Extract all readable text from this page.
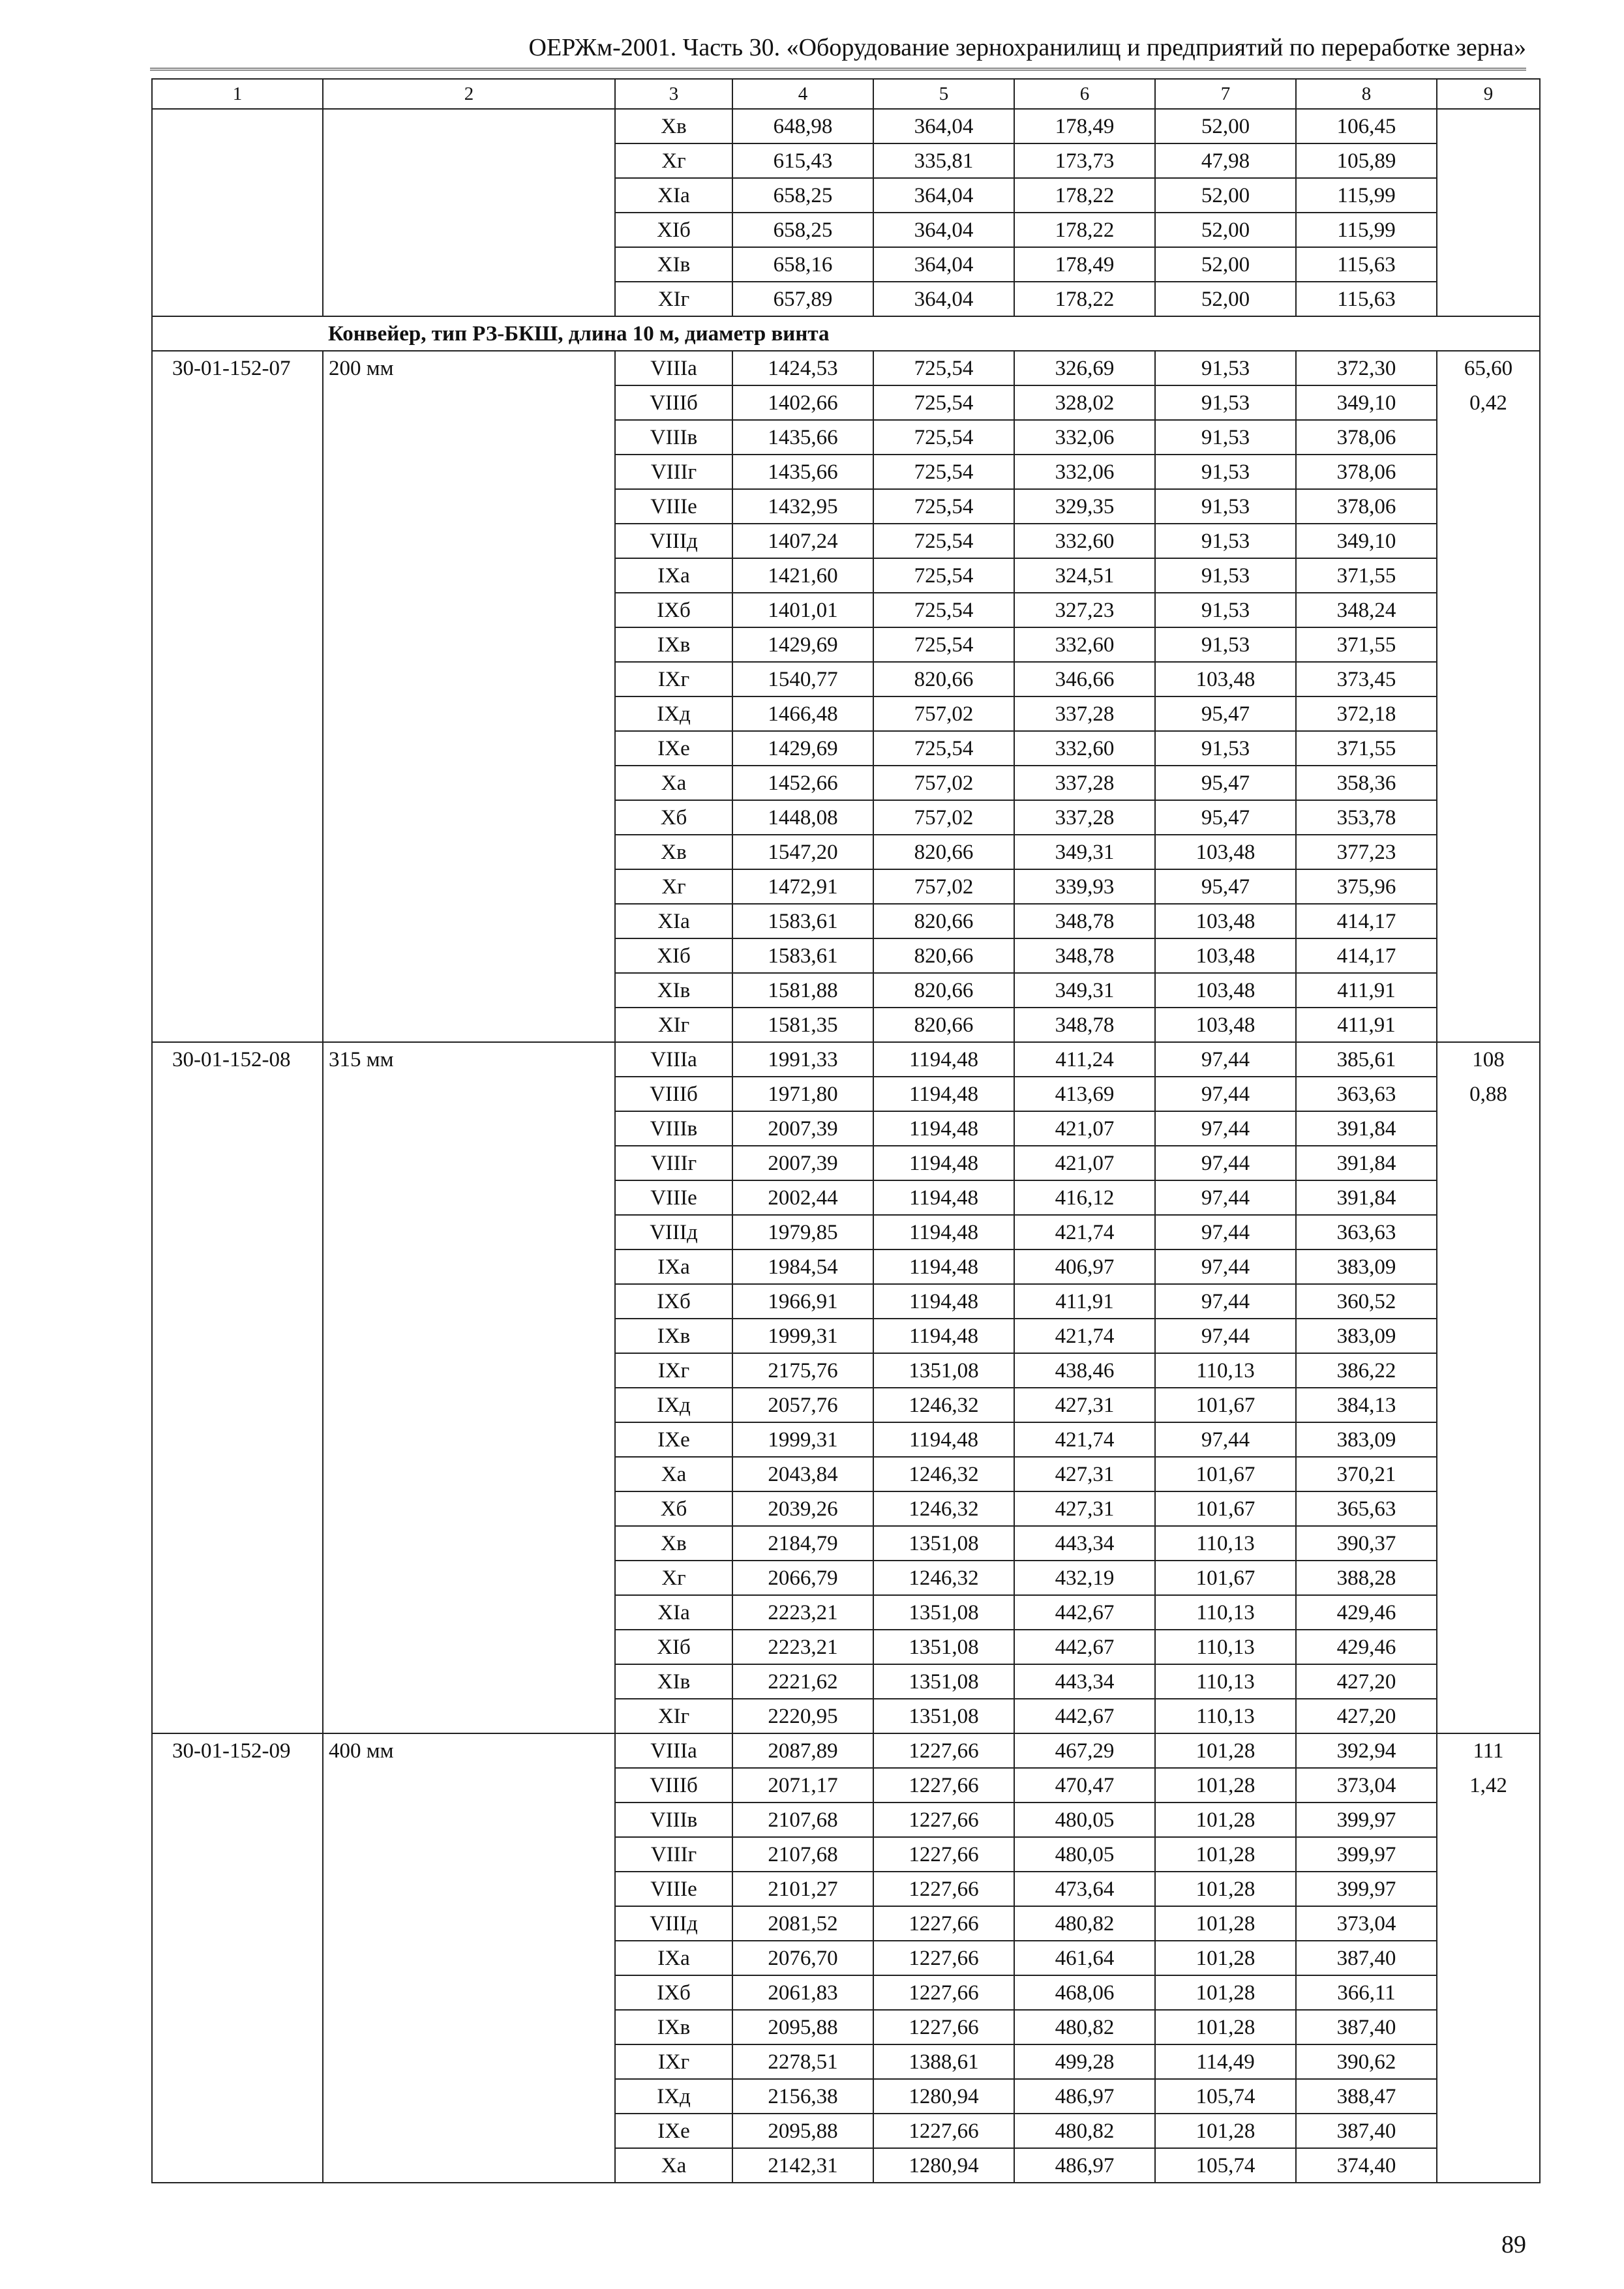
ОЕРЖм-2001. Часть 30. «Оборудование зернохранилищ и предприятий по переработке зерна»
1	2	3	4	5	6	7	8	9
		Хв	648,98	364,04	178,49	52,00	106,45	
		Хг	615,43	335,81	173,73	47,98	105,89	
		ХIа	658,25	364,04	178,22	52,00	115,99	
		ХIб	658,25	364,04	178,22	52,00	115,99	
		ХIв	658,16	364,04	178,49	52,00	115,63	
		ХIг	657,89	364,04	178,22	52,00	115,63	
	Конвейер, тип РЗ-БКШ, длина 10 м, диаметр винта							
30-01-152-07	200 мм	VIIIа	1424,53	725,54	326,69	91,53	372,30	65,60
		VIIIб	1402,66	725,54	328,02	91,53	349,10	0,42
		VIIIв	1435,66	725,54	332,06	91,53	378,06	
		VIIIг	1435,66	725,54	332,06	91,53	378,06	
		VIIIе	1432,95	725,54	329,35	91,53	378,06	
		VIIIд	1407,24	725,54	332,60	91,53	349,10	
		IXа	1421,60	725,54	324,51	91,53	371,55	
		IXб	1401,01	725,54	327,23	91,53	348,24	
		IXв	1429,69	725,54	332,60	91,53	371,55	
		IXг	1540,77	820,66	346,66	103,48	373,45	
		IXд	1466,48	757,02	337,28	95,47	372,18	
		IXе	1429,69	725,54	332,60	91,53	371,55	
		Ха	1452,66	757,02	337,28	95,47	358,36	
		Хб	1448,08	757,02	337,28	95,47	353,78	
		Хв	1547,20	820,66	349,31	103,48	377,23	
		Хг	1472,91	757,02	339,93	95,47	375,96	
		ХIа	1583,61	820,66	348,78	103,48	414,17	
		ХIб	1583,61	820,66	348,78	103,48	414,17	
		ХIв	1581,88	820,66	349,31	103,48	411,91	
		ХIг	1581,35	820,66	348,78	103,48	411,91	
30-01-152-08	315 мм	VIIIа	1991,33	1194,48	411,24	97,44	385,61	108
		VIIIб	1971,80	1194,48	413,69	97,44	363,63	0,88
		VIIIв	2007,39	1194,48	421,07	97,44	391,84	
		VIIIг	2007,39	1194,48	421,07	97,44	391,84	
		VIIIе	2002,44	1194,48	416,12	97,44	391,84	
		VIIIд	1979,85	1194,48	421,74	97,44	363,63	
		IXа	1984,54	1194,48	406,97	97,44	383,09	
		IXб	1966,91	1194,48	411,91	97,44	360,52	
		IXв	1999,31	1194,48	421,74	97,44	383,09	
		IXг	2175,76	1351,08	438,46	110,13	386,22	
		IXд	2057,76	1246,32	427,31	101,67	384,13	
		IXе	1999,31	1194,48	421,74	97,44	383,09	
		Ха	2043,84	1246,32	427,31	101,67	370,21	
		Хб	2039,26	1246,32	427,31	101,67	365,63	
		Хв	2184,79	1351,08	443,34	110,13	390,37	
		Хг	2066,79	1246,32	432,19	101,67	388,28	
		ХIа	2223,21	1351,08	442,67	110,13	429,46	
		ХIб	2223,21	1351,08	442,67	110,13	429,46	
		ХIв	2221,62	1351,08	443,34	110,13	427,20	
		ХIг	2220,95	1351,08	442,67	110,13	427,20	
30-01-152-09	400 мм	VIIIа	2087,89	1227,66	467,29	101,28	392,94	111
		VIIIб	2071,17	1227,66	470,47	101,28	373,04	1,42
		VIIIв	2107,68	1227,66	480,05	101,28	399,97	
		VIIIг	2107,68	1227,66	480,05	101,28	399,97	
		VIIIе	2101,27	1227,66	473,64	101,28	399,97	
		VIIIд	2081,52	1227,66	480,82	101,28	373,04	
		IXа	2076,70	1227,66	461,64	101,28	387,40	
		IXб	2061,83	1227,66	468,06	101,28	366,11	
		IXв	2095,88	1227,66	480,82	101,28	387,40	
		IXг	2278,51	1388,61	499,28	114,49	390,62	
		IXд	2156,38	1280,94	486,97	105,74	388,47	
		IXе	2095,88	1227,66	480,82	101,28	387,40	
		Ха	2142,31	1280,94	486,97	105,74	374,40	
89
